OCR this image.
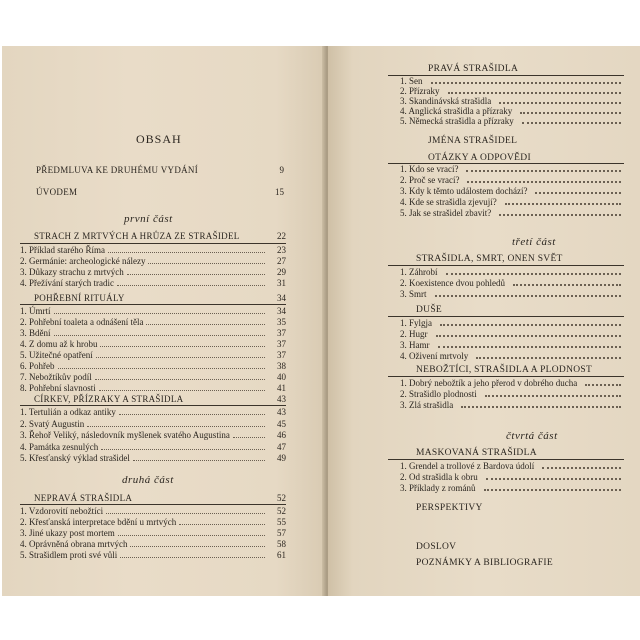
OBSAH
PŘEDMLUVA KE DRUHÉMU VYDÁNÍ	9
ÚVODEM	15
první část
STRACH Z MRTVÝCH A HRŮZA ZE STRAŠIDEL	22
1. Příklad starého Říma	23
2. Germánie: archeologické nálezy	27
3. Důkazy strachu z mrtvých	29
4. Přežívání starých tradic	31
POHŘEBNÍ RITUÁLY	34
1. Úmrtí	34
2. Pohřební toaleta a odnášení těla	35
3. Bdění	37
4. Z domu až k hrobu	37
5. Užitečné opatření	37
6. Pohřeb	38
7. Nebožtíkův podíl	40
8. Pohřební slavnosti	41
CÍRKEV, PŘÍZRAKY A STRAŠIDLA	43
1. Tertulián a odkaz antiky	43
2. Svatý Augustin	45
3. Řehoř Veliký, následovník myšlenek svatého Augustina	46
4. Památka zesnulých	47
5. Křesťanský výklad strašidel	49
druhá část
NEPRAVÁ STRAŠIDLA	52
1. Vzdorovití nebožtíci	52
2. Křesťanská interpretace bdění u mrtvých	55
3. Jiné ukazy post mortem	57
4. Oprávněná obrana mrtvých	58
5. Strašidlem proti své vůli	61
PRAVÁ STRAŠIDLA
1. Sen
2. Přízraky
3. Skandinávská strašidla
4. Anglická strašidla a přízraky
5. Německá strašidla a přízraky
JMÉNA STRAŠIDEL
OTÁZKY A ODPOVĚDI
1. Kdo se vrací?
2. Proč se vrací?
3. Kdy k těmto událostem dochází?
4. Kde se strašidla zjevují?
5. Jak se strašidel zbavit?
třetí část
STRAŠIDLA, SMRT, ONEN SVĚT
1. Záhrobí
2. Koexistence dvou pohledů
3. Smrt
DUŠE
1. Fylgja
2. Hugr
3. Hamr
4. Oživení mrtvoly
NEBOŽTÍCI, STRAŠIDLA A PLODNOST
1. Dobrý nebožtík a jeho přerod v dobrého ducha
2. Strašidlo plodnosti
3. Zlá strašidla
čtvrtá část
MASKOVANÁ STRAŠIDLA
1. Grendel a trollové z Bardova údolí
2. Od strašidla k obru
3. Příklady z románů
PERSPEKTIVY
DOSLOV
POZNÁMKY A BIBLIOGRAFIE
